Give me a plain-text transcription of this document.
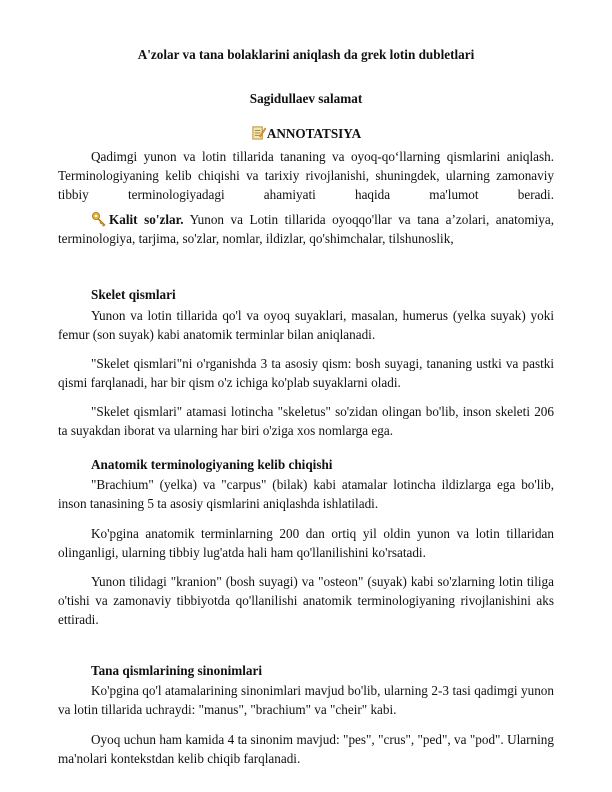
A'zolar va tana bolaklarini aniqlash da grek lotin dubletlari
Sagidullaev salamat
ANNOTATSIYA

Qadimgi yunon va lotin tillarida tananing va oyoq-qo‘llarning qismlarini aniqlash. Terminologiyaning kelib chiqishi va tarixiy rivojlanishi, shuningdek, ularning zamonaviy tibbiy terminologiyadagi ahamiyati haqida ma'lumot beradi.

Kalit so'zlar. Yunon va Lotin tillarida oyoqqo'llar va tana a’zolari, anatomiya, terminologiya, tarjima, so'zlar, nomlar, ildizlar, qo'shimchalar, tilshunoslik,

Skelet qismlari

Yunon va lotin tillarida qo'l va oyoq suyaklari, masalan, humerus (yelka suyak) yoki femur (son suyak) kabi anatomik terminlar bilan aniqlanadi.

"Skelet qismlari"ni o'rganishda 3 ta asosiy qism: bosh suyagi, tananing ustki va pastki qismi farqlanadi, har bir qism o'z ichiga ko'plab suyaklarni oladi.

"Skelet qismlari" atamasi lotincha "skeletus" so'zidan olingan bo'lib, inson skeleti 206 ta suyakdan iborat va ularning har biri o'ziga xos nomlarga ega.

Anatomik terminologiyaning kelib chiqishi

"Brachium" (yelka) va "carpus" (bilak) kabi atamalar lotincha ildizlarga ega bo'lib, inson tanasining 5 ta asosiy qismlarini aniqlashda ishlatiladi.

Ko'pgina anatomik terminlarning 200 dan ortiq yil oldin yunon va lotin tillaridan olinganligi, ularning tibbiy lug'atda hali ham qo'llanilishini ko'rsatadi.

Yunon tilidagi "kranion" (bosh suyagi) va "osteon" (suyak) kabi so'zlarning lotin tiliga o'tishi va zamonaviy tibbiyotda qo'llanilishi anatomik terminologiyaning rivojlanishini aks ettiradi.

Tana qismlarining sinonimlari

Ko'pgina qo'l atamalarining sinonimlari mavjud bo'lib, ularning 2-3 tasi qadimgi yunon va lotin tillarida uchraydi: "manus", "brachium" va "cheir" kabi.

Oyoq uchun ham kamida 4 ta sinonim mavjud: "pes", "crus", "ped", va "pod". Ularning ma'nolari kontekstdan kelib chiqib farqlanadi.
